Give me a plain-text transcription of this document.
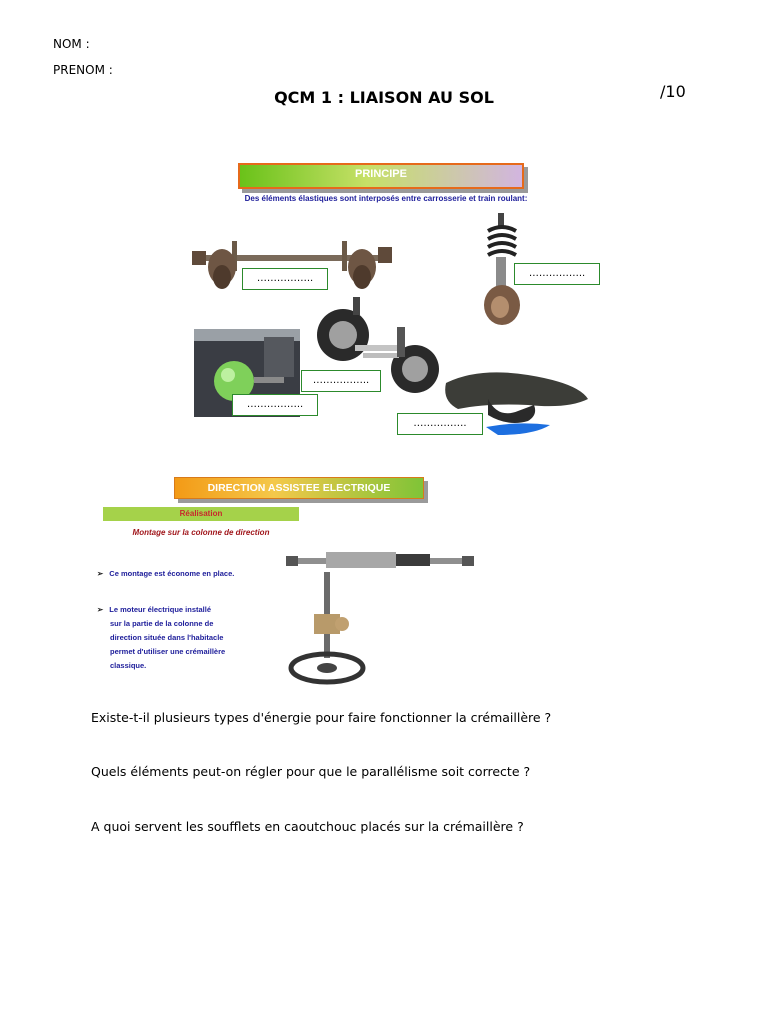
NOM :
PRENOM :
QCM 1 : LIAISON AU SOL	/10
PRINCIPE
Des éléments élastiques sont interposés entre carrosserie et train roulant:
……………..	……………..
……………..
……………..
…………….
DIRECTION ASSISTEE ELECTRIQUE
Réalisation
Montage sur la colonne de direction
➢ Ce montage est économe en place.
➢ Le moteur électrique installé
sur la partie de la colonne de
direction située dans l'habitacle
permet d'utiliser une crémaillère
classique.
Existe-t-il plusieurs types d'énergie pour faire fonctionner la crémaillère ?
Quels éléments peut-on régler pour que le parallélisme soit correcte ?
A quoi servent les soufflets en caoutchouc placés sur la crémaillère ?
